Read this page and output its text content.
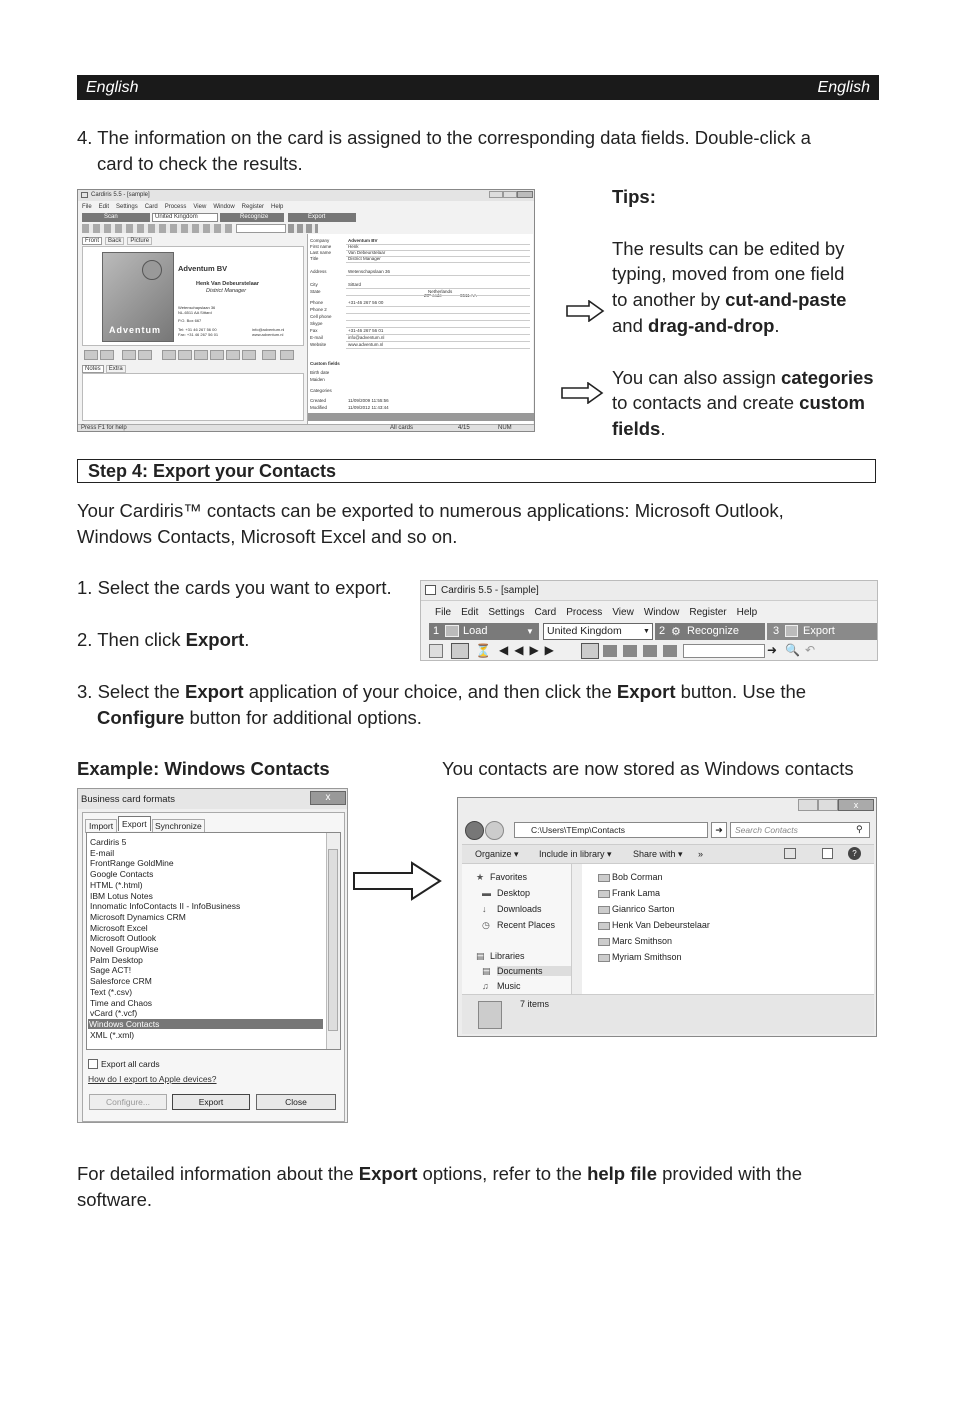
English	English
4. The information on the card is assigned to the corresponding data fields. Double-click a
card to check the results.
Cardiris 5.5 - [sample]
File Edit Settings Card Process View Window Register Help
Scan	United Kingdom	Recognize	Export
Front	Back	Picture
Adventum
Adventum BV
Henk Van Debeurstelaar
District Manager
Wetenschapslaan 36
NL-6511 AA Sittard
P.O. Box 667
Tel: +31 46 267 56 00
Fax: +31 46 267 56 01
info@adventum.nl
www.adventum.nl
Notes	Extra
Custom fields
Birth date
Maiden
Categories
Created	11/09/2009 11:55:56
Modified	11/09/2012 11:43:44
Press F1 for help	All cards	4/15	NUM
Company	Adventum BV
First name	Henk
Last name	Van Debeurstelaar
Title	District Manager
Address	Wetenschapslaan 36
City	Sittard
State	Netherlands
Phone	+31-46 267 56 00
Phone 2
Cell phone
Skype
Fax	+31-46 267 56 01
E-mail	info@adventum.nl
Website	www.adventum.nl
Tips:
The results can be edited by
typing, moved from one field
to another by cut-and-paste
and drag-and-drop.
You can also assign categories
to contacts and create custom
fields.
Step 4: Export your Contacts
Your Cardiris™ contacts can be exported to numerous applications: Microsoft Outlook,
Windows Contacts, Microsoft Excel and so on.
1. Select the cards you want to export.
2. Then click Export.
Cardiris 5.5 - [sample]
File Edit Settings Card Process View Window Register Help
1 Load	▼	United Kingdom	▼ 2 ⚙ Recognize	3 Export
⏳ ◀◀▶▶	➜ 🔍 ↶
3. Select the Export application of your choice, and then click the Export button. Use the
Configure button for additional options.
Example: Windows Contacts	You contacts are now stored as Windows contacts
Business card formats	x
Import	Export Synchronize
Export all cards
How do I export to Apple devices?
Configure...	Export	Close
Cardiris 5
E-mail
FrontRange GoldMine
Google Contacts
HTML (*.html)
IBM Lotus Notes
Innomatic InfoContacts II - InfoBusiness
Microsoft Dynamics CRM
Microsoft Excel
Microsoft Outlook
Novell GroupWise
Palm Desktop
Sage ACT!
Salesforce CRM
Text (*.csv)
Time and Chaos
vCard (*.vcf)
Windows Contacts
XML (*.xml)
x
C:\Users\TEmp\Contacts	➜	Search Contacts	⚲
Organize ▾ Include in library ▾ Share with ▾ »	?
7 items
★ Favorites
▬ Desktop
↓ Downloads
◷ Recent Places
▤ Libraries
▤ Documents
♫ Music
Bob Corman
Frank Lama
Gianrico Sarton
Henk Van Debeurstelaar
Marc Smithson
Myriam Smithson
For detailed information about the Export options, refer to the help file provided with the
software.
